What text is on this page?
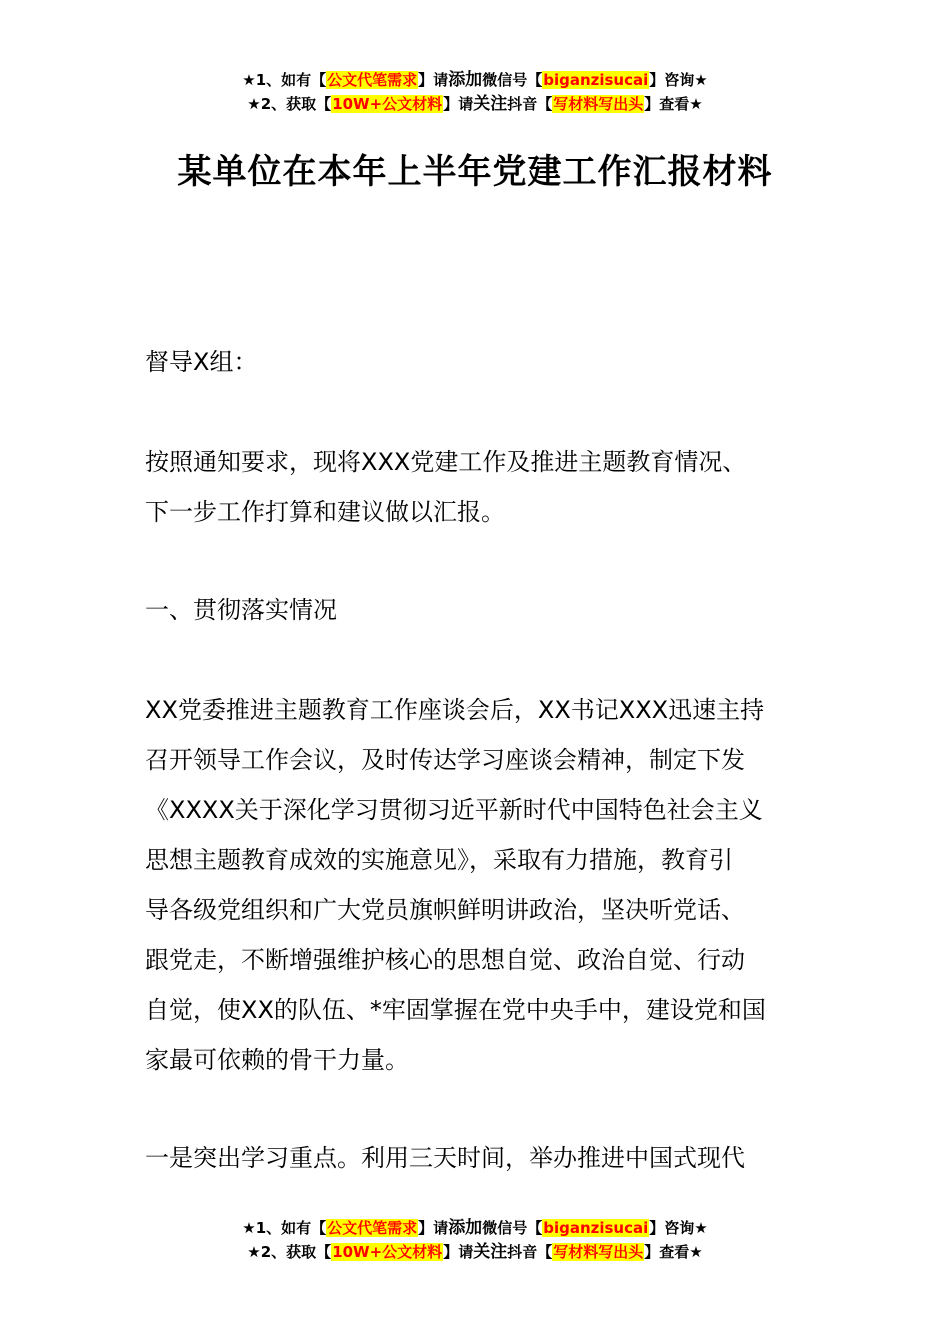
★1、如有【公文代笔需求】请添加微信号【biganzisucai】咨询★
★2、获取【10W+公文材料】请关注抖音【写材料写出头】查看★
某单位在本年上半年党建工作汇报材料

督导X组：

按照通知要求，现将XXX党建工作及推进主题教育情况、

下一步工作打算和建议做以汇报。

一、贯彻落实情况

XX党委推进主题教育工作座谈会后，XX书记XXX迅速主持

召开领导工作会议，及时传达学习座谈会精神，制定下发

《XXXX关于深化学习贯彻习近平新时代中国特色社会主义

思想主题教育成效的实施意见》，采取有力措施，教育引

导各级党组织和广大党员旗帜鲜明讲政治，坚决听党话、

跟党走，不断增强维护核心的思想自觉、政治自觉、行动

自觉，使XX的队伍、*牢固掌握在党中央手中，建设党和国

家最可依赖的骨干力量。

一是突出学习重点。利用三天时间，举办推进中国式现代

★1、如有【公文代笔需求】请添加微信号【biganzisucai】咨询★
★2、获取【10W+公文材料】请关注抖音【写材料写出头】查看★
